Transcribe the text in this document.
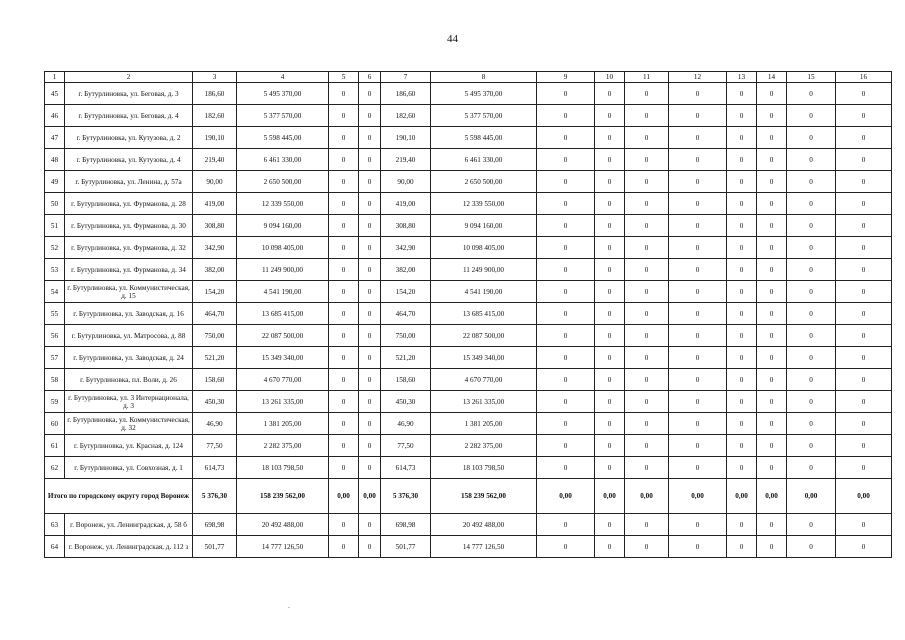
44
1	2	3	4	5	6	7	8	9	10	11	12	13	14	15	16
45	г. Бутурлиновка, ул. Беговая, д. 3	186,60	5 495 370,00	0	0	186,60	5 495 370,00	0	0	0	0	0	0	0	0
46	г. Бутурлиновка, ул. Беговая, д. 4	182,60	5 377 570,00	0	0	182,60	5 377 570,00	0	0	0	0	0	0	0	0
47	г. Бутурлиновка, ул. Кутузова, д. 2	190,10	5 598 445,00	0	0	190,10	5 598 445,00	0	0	0	0	0	0	0	0
48	г. Бутурлиновка, ул. Кутузова, д. 4	219,40	6 461 330,00	0	0	219,40	6 461 330,00	0	0	0	0	0	0	0	0
49	г. Бутурлиновка, ул. Ленина, д. 57а	90,00	2 650 500,00	0	0	90,00	2 650 500,00	0	0	0	0	0	0	0	0
50	г. Бутурлиновка, ул. Фурманова, д. 28	419,00	12 339 550,00	0	0	419,00	12 339 550,00	0	0	0	0	0	0	0	0
51	г. Бутурлиновка, ул. Фурманова, д. 30	308,80	9 094 160,00	0	0	308,80	9 094 160,00	0	0	0	0	0	0	0	0
52	г. Бутурлиновка, ул. Фурманова, д. 32	342,90	10 098 405,00	0	0	342,90	10 098 405,00	0	0	0	0	0	0	0	0
53	г. Бутурлиновка, ул. Фурманова, д. 34	382,00	11 249 900,00	0	0	382,00	11 249 900,00	0	0	0	0	0	0	0	0
54	г. Бутурлиновка, ул. Коммунистическая, д. 15	154,20	4 541 190,00	0	0	154,20	4 541 190,00	0	0	0	0	0	0	0	0
55	г. Бутурлиновка, ул. Заводская, д. 16	464,70	13 685 415,00	0	0	464,70	13 685 415,00	0	0	0	0	0	0	0	0
56	г. Бутурлиновка, ул. Матросова, д. 88	750,00	22 087 500,00	0	0	750,00	22 087 500,00	0	0	0	0	0	0	0	0
57	г. Бутурлиновка, ул. Заводская, д. 24	521,20	15 349 340,00	0	0	521,20	15 349 340,00	0	0	0	0	0	0	0	0
58	г. Бутурлиновка, пл. Воли, д. 26	158,60	4 670 770,00	0	0	158,60	4 670 770,00	0	0	0	0	0	0	0	0
59	г. Бутурлиновка, ул. 3 Интернационала, д. 3	450,30	13 261 335,00	0	0	450,30	13 261 335,00	0	0	0	0	0	0	0	0
60	г. Бутурлиновка, ул. Коммунистическая, д. 32	46,90	1 381 205,00	0	0	46,90	1 381 205,00	0	0	0	0	0	0	0	0
61	г. Бутурлиновка, ул. Красная, д. 124	77,50	2 282 375,00	0	0	77,50	2 282 375,00	0	0	0	0	0	0	0	0
62	г. Бутурлиновка, ул. Совхозная, д. 1	614,73	18 103 798,50	0	0	614,73	18 103 798,50	0	0	0	0	0	0	0	0
Итого по городскому округу город Воронеж		5 376,30	158 239 562,00	0,00	0,00	5 376,30	158 239 562,00	0,00	0,00	0,00	0,00	0,00	0,00	0,00	0,00
63	г. Воронеж, ул. Ленинградская, д. 58 б	698,98	20 492 488,00	0	0	698,98	20 492 488,00	0	0	0	0	0	0	0	0
64	г. Воронеж, ул. Ленинградская, д. 112 з	501,77	14 777 126,50	0	0	501,77	14 777 126,50	0	0	0	0	0	0	0	0
.
